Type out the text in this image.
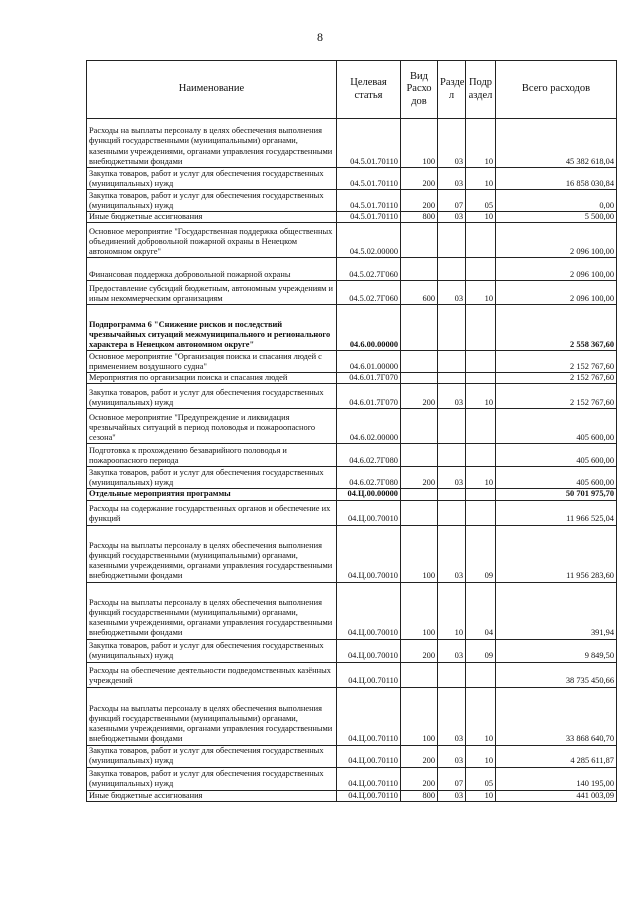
8
Наименование	Целевая статья	Вид Расхо дов	Разде л	Подр аздел	Всего расходов
Расходы на выплаты персоналу в целях обеспечения выполнения функций государственными (муниципальными) органами, казенными учреждениями, органами управления государственными внебюджетными фондами	04.5.01.70110	100	03	10	45 382 618,04
Закупка товаров, работ и услуг для обеспечения государственных (муниципальных) нужд	04.5.01.70110	200	03	10	16 858 030,84
Закупка товаров, работ и услуг для обеспечения государственных (муниципальных) нужд	04.5.01.70110	200	07	05	0,00
Иные бюджетные ассигнования	04.5.01.70110	800	03	10	5 500,00
Основное мероприятие "Государственная поддержка общественных объединений добровольной пожарной охраны в Ненецком автономном округе"	04.5.02.00000				2 096 100,00
Финансовая поддержка добровольной пожарной охраны	04.5.02.7Г060				2 096 100,00
Предоставление субсидий бюджетным, автономным учреждениям и иным некоммерческим организациям	04.5.02.7Г060	600	03	10	2 096 100,00
Подпрограмма 6 "Снижение рисков и последствий чрезвычайных ситуаций межмуниципального и регионального характера в Ненецком автономном округе"	04.6.00.00000				2 558 367,60
Основное мероприятие "Организация поиска и спасания людей с применением воздушного судна"	04.6.01.00000				2 152 767,60
Мероприятия по организации поиска и спасания людей	04.6.01.7Г070				2 152 767,60
Закупка товаров, работ и услуг для обеспечения государственных (муниципальных) нужд	04.6.01.7Г070	200	03	10	2 152 767,60
Основное мероприятие "Предупреждение и ликвидация чрезвычайных ситуаций в период половодья и пожароопасного сезона"	04.6.02.00000				405 600,00
Подготовка к прохождению безаварийного половодья и пожароопасного периода	04.6.02.7Г080				405 600,00
Закупка товаров, работ и услуг для обеспечения государственных (муниципальных) нужд	04.6.02.7Г080	200	03	10	405 600,00
Отдельные мероприятия программы	04.Ц.00.00000				50 701 975,70
Расходы на содержание государственных органов и обеспечение их функций	04.Ц.00.70010				11 966 525,04
Расходы на выплаты персоналу в целях обеспечения выполнения функций государственными (муниципальными) органами, казенными учреждениями, органами управления государственными внебюджетными фондами	04.Ц.00.70010	100	03	09	11 956 283,60
Расходы на выплаты персоналу в целях обеспечения выполнения функций государственными (муниципальными) органами, казенными учреждениями, органами управления государственными внебюджетными фондами	04.Ц.00.70010	100	10	04	391,94
Закупка товаров, работ и услуг для обеспечения государственных (муниципальных) нужд	04.Ц.00.70010	200	03	09	9 849,50
Расходы на обеспечение деятельности подведомственных казённых учреждений	04.Ц.00.70110				38 735 450,66
Расходы на выплаты персоналу в целях обеспечения выполнения функций государственными (муниципальными) органами, казенными учреждениями, органами управления государственными внебюджетными фондами	04.Ц.00.70110	100	03	10	33 868 640,70
Закупка товаров, работ и услуг для обеспечения государственных (муниципальных) нужд	04.Ц.00.70110	200	03	10	4 285 611,87
Закупка товаров, работ и услуг для обеспечения государственных (муниципальных) нужд	04.Ц.00.70110	200	07	05	140 195,00
Иные бюджетные ассигнования	04.Ц.00.70110	800	03	10	441 003,09
